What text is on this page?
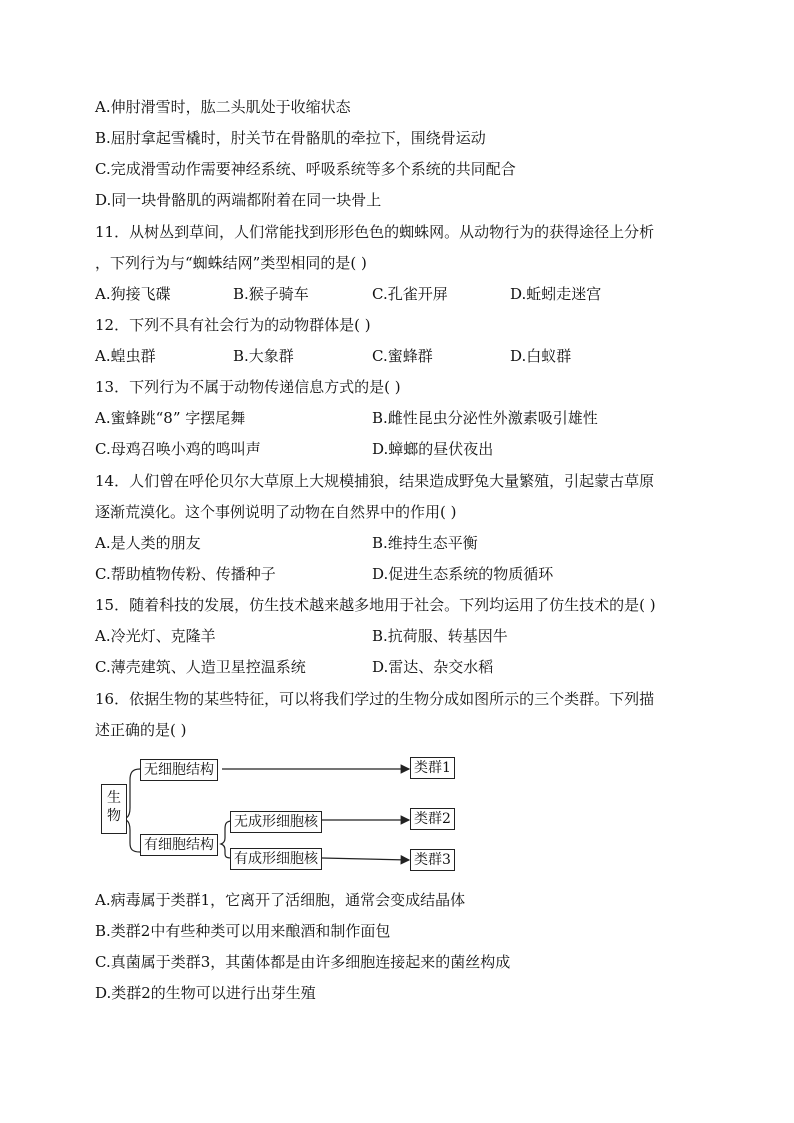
A.伸肘滑雪时，肱二头肌处于收缩状态
B.屈肘拿起雪橇时，肘关节在骨骼肌的牵拉下，围绕骨运动
C.完成滑雪动作需要神经系统、呼吸系统等多个系统的共同配合
D.同一块骨骼肌的两端都附着在同一块骨上
11．从树丛到草间，人们常能找到形形色色的蜘蛛网。从动物行为的获得途径上分析
，下列行为与“蜘蛛结网”类型相同的是( )
A.狗接飞碟	B.猴子骑车	C.孔雀开屏	D.蚯蚓走迷宫
12．下列不具有社会行为的动物群体是( )
A.蝗虫群	B.大象群	C.蜜蜂群	D.白蚁群
13．下列行为不属于动物传递信息方式的是( )
A.蜜蜂跳“8” 字摆尾舞	B.雌性昆虫分泌性外激素吸引雄性
C.母鸡召唤小鸡的鸣叫声	D.蟑螂的昼伏夜出
14．人们曾在呼伦贝尔大草原上大规模捕狼，结果造成野兔大量繁殖，引起蒙古草原
逐渐荒漠化。这个事例说明了动物在自然界中的作用( )
A.是人类的朋友	B.维持生态平衡
C.帮助植物传粉、传播种子	D.促进生态系统的物质循环
15．随着科技的发展，仿生技术越来越多地用于社会。下列均运用了仿生技术的是( )
A.冷光灯、克隆羊	B.抗荷服、转基因牛
C.薄壳建筑、人造卫星控温系统	D.雷达、杂交水稻
16．依据生物的某些特征，可以将我们学过的生物分成如图所示的三个类群。下列描
述正确的是( )
生物
无细胞结构
有细胞结构
无成形细胞核
有成形细胞核
类群1
类群2
类群3
A.病毒属于类群1，它离开了活细胞，通常会变成结晶体
B.类群2中有些种类可以用来酿酒和制作面包
C.真菌属于类群3，其菌体都是由许多细胞连接起来的菌丝构成
D.类群2的生物可以进行出芽生殖
